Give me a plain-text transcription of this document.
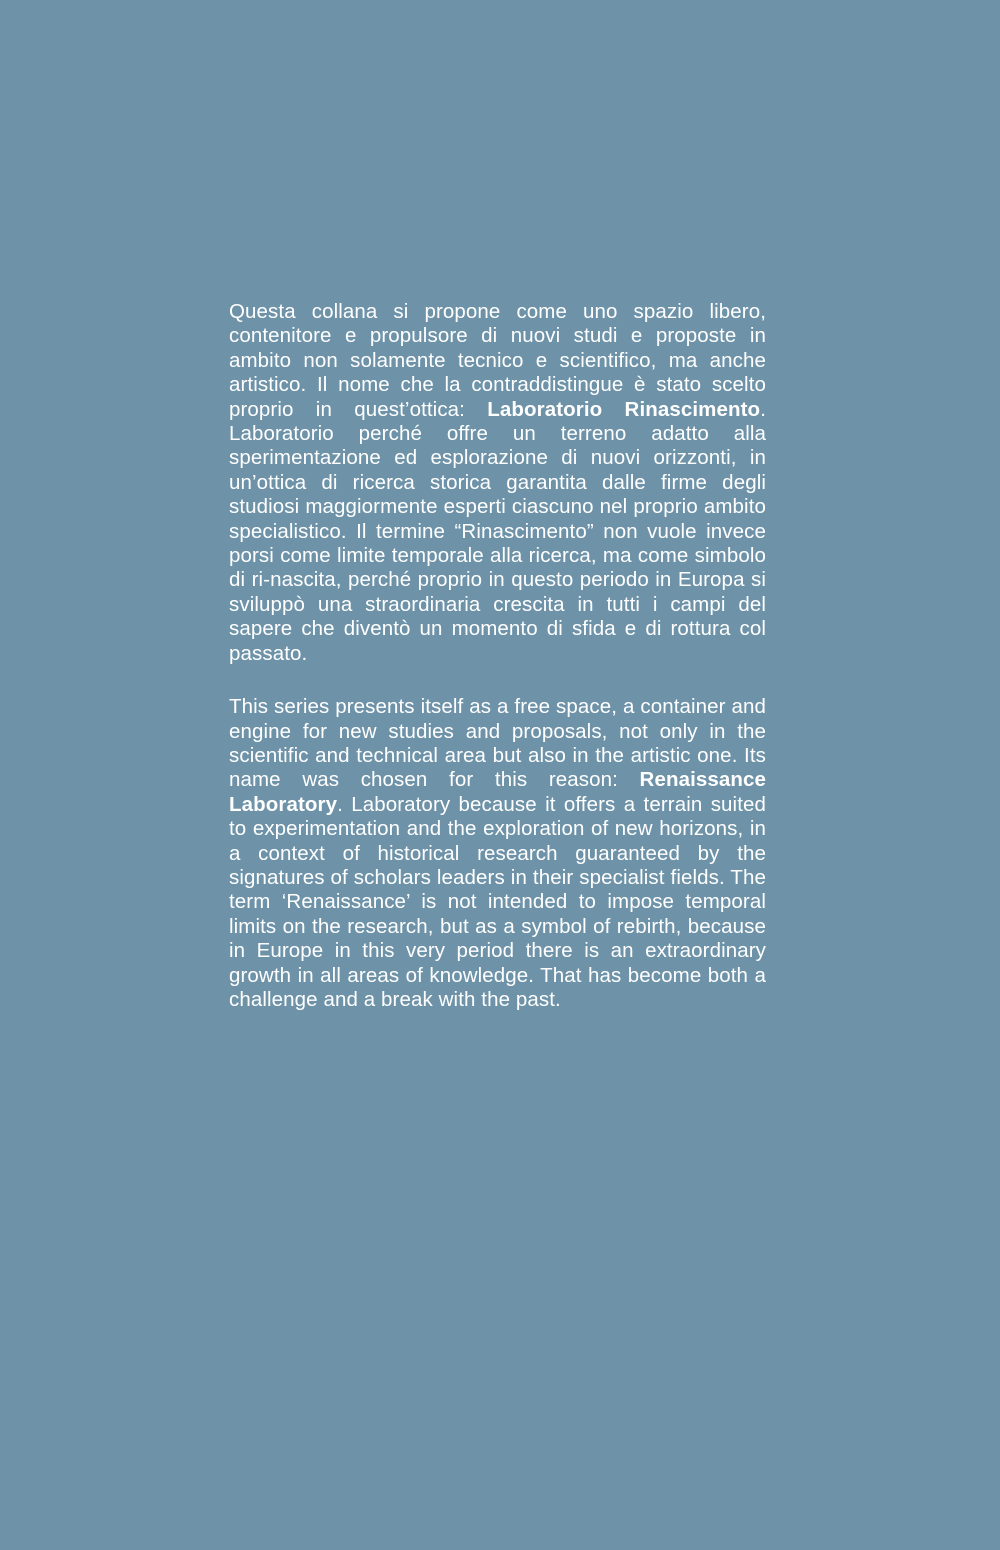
Questa collana si propone come uno spazio libero, contenitore e propulsore di nuovi studi e proposte in ambito non solamente tecnico e scientifico, ma anche artistico. Il nome che la contraddistingue è stato scelto proprio in quest’ottica: Laboratorio Rinascimento. Laboratorio perché offre un terreno adatto alla sperimentazione ed esplorazione di nuovi orizzonti, in un’ottica di ricerca storica garantita dalle firme degli studiosi maggiormente esperti ciascuno nel proprio ambito specialistico. Il termine “Rinascimento” non vuole invece porsi come limite temporale alla ricerca, ma come simbolo di ri-nascita, perché proprio in questo periodo in Europa si sviluppò una straordinaria crescita in tutti i campi del sapere che diventò un momento di sfida e di rottura col passato.

This series presents itself as a free space, a container and engine for new studies and proposals, not only in the scientific and technical area but also in the artistic one. Its name was chosen for this reason: Renaissance Laboratory. Laboratory because it offers a terrain suited to experimentation and the exploration of new horizons, in a context of historical research guaranteed by the signatures of scholars leaders in their specialist fields. The term ‘Renaissance’ is not intended to impose temporal limits on the research, but as a symbol of rebirth, because in Europe in this very period there is an extraordinary growth in all areas of knowledge. That has become both a challenge and a break with the past.
